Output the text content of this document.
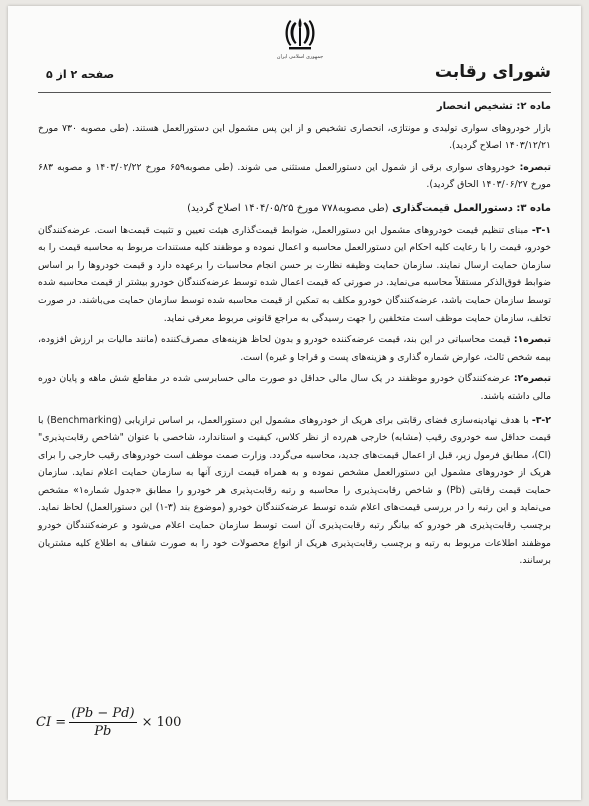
جمهوری اسلامی ایران
شورای رقابت
صفحه ۲ از ۵

ماده ۲: تشخیص انحصار

بازار خودروهای سواری تولیدی و مونتاژی، انحصاری تشخیص و از این پس مشمول این دستورالعمل هستند. (طی مصوبه ۷۳۰ مورخ ۱۴۰۳/۱۲/۲۱ اصلاح گردید).

تبصره: خودروهای سواری برقی از شمول این دستورالعمل مستثنی می شوند. (طی مصوبه۶۵۹ مورخ ۱۴۰۳/۰۲/۲۲ و مصوبه ۶۸۳ مورخ ۱۴۰۳/۰۶/۲۷ الحاق گردید).

ماده ۳: دستورالعمل قیمت‌گذاری (طی مصوبه۷۷۸ مورخ ۱۴۰۴/۰۵/۲۵ اصلاح گردید)

۳-۱- مبنای تنظیم قیمت خودروهای مشمول این دستورالعمل، ضوابط قیمت‌گذاری هیئت تعیین و تثبیت قیمت‌ها است. عرضه‌کنندگان خودرو، قیمت را با رعایت کلیه احکام این دستورالعمل محاسبه و اعمال نموده و موظفند کلیه مستندات مربوط به محاسبه قیمت را به سازمان حمایت ارسال نمایند. سازمان حمایت وظیفه نظارت بر حسن انجام محاسبات را برعهده دارد و قیمت خودروها را بر اساس ضوابط فوق‌الذکر مستقلاً محاسبه می‌نماید. در صورتی که قیمت اعمال شده توسط عرضه‌کنندگان خودرو بیشتر از قیمت محاسبه شده توسط سازمان حمایت باشد، عرضه‌کنندگان خودرو مکلف به تمکین از قیمت محاسبه شده توسط سازمان حمایت می‌باشند. در صورت تخلف، سازمان حمایت موظف است متخلفین را جهت رسیدگی به مراجع قانونی مربوط معرفی نماید.

تبصره۱: قیمت محاسباتی در این بند، قیمت عرضه‌کننده خودرو و بدون لحاظ هزینه‌های مصرف‌کننده (مانند مالیات بر ارزش افزوده، بیمه شخص ثالث، عوارض شماره گذاری و هزینه‌های پست و قراجا و غیره) است.

تبصره۲: عرضه‌کنندگان خودرو موظفند در یک سال مالی حداقل دو صورت مالی حسابرسی شده در مقاطع شش ماهه و پایان دوره مالی داشته باشند.

۳-۲- با هدف نهادینه‌سازی فضای رقابتی برای هریک از خودروهای مشمول این دستورالعمل، بر اساس ترازیابی (Benchmarking) با قیمت حداقل سه خودروی رقیب (مشابه) خارجی هم‌رده از نظر کلاس، کیفیت و استاندارد، شاخصی با عنوان "شاخص رقابت‌پذیری" (CI)، مطابق فرمول زیر، قبل از اعمال قیمت‌های جدید، محاسبه می‌گردد. وزارت صمت موظف است خودروهای رقیب خارجی را برای هریک از خودروهای مشمول این دستورالعمل مشخص نموده و به همراه قیمت ارزی آنها به سازمان حمایت اعلام نماید. سازمان حمایت قیمت رقابتی (Pb) و شاخص رقابت‌پذیری را محاسبه و رتبه رقابت‌پذیری هر خودرو را مطابق «جدول شماره۱» مشخص می‌نماید و این رتبه را در بررسی قیمت‌های اعلام شده توسط عرضه‌کنندگان خودرو (موضوع بند (۳-۱) این دستورالعمل) لحاظ نماید. برچسب رقابت‌پذیری هر خودرو که بیانگر رتبه رقابت‌پذیری آن است توسط سازمان حمایت اعلام می‌شود و عرضه‌کنندگان خودرو موظفند اطلاعات مربوط به رتبه و برچسب رقابت‌پذیری هریک از انواع محصولات خود را به صورت شفاف به اطلاع کلیه مشتریان برسانند.

CI = $\frac{(Pb - Pd)}{Pb} \times 100$
